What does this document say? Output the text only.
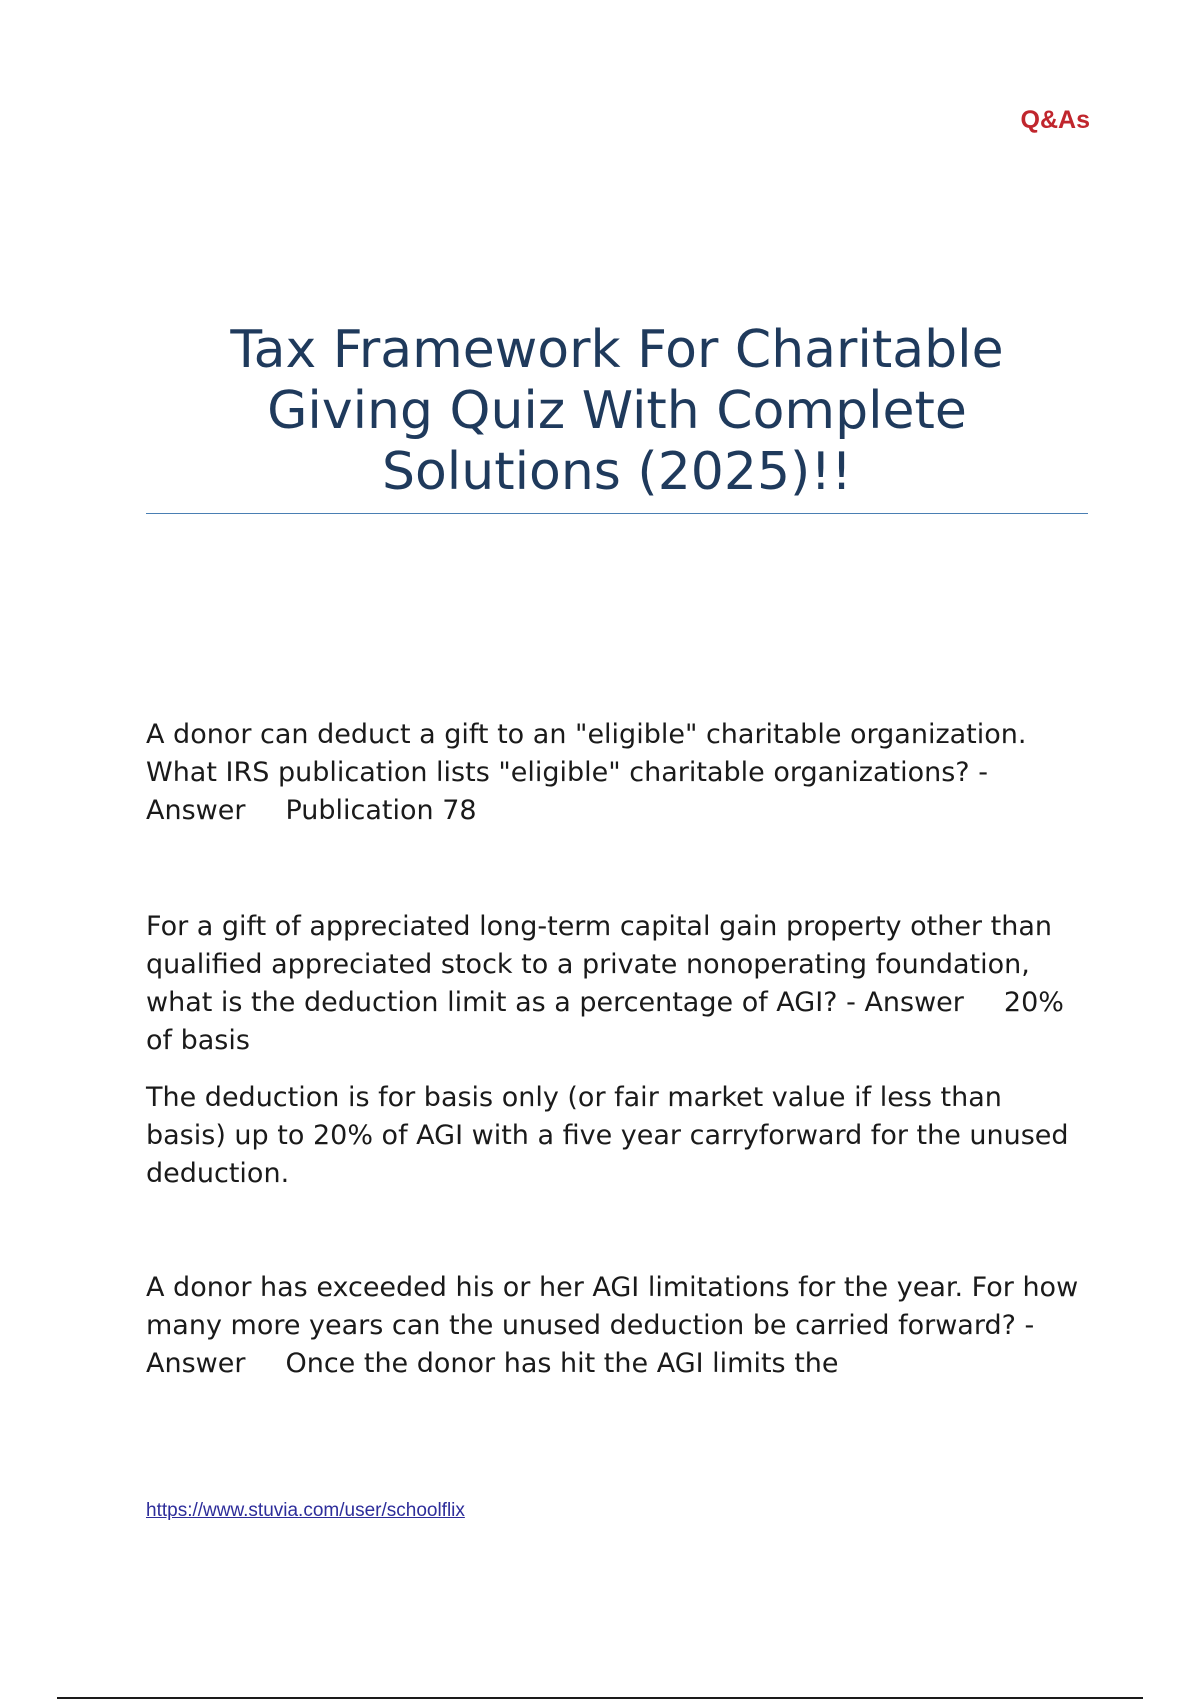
Q&As
Tax Framework For Charitable Giving Quiz With Complete Solutions (2025)!!

A donor can deduct a gift to an "eligible" charitable organization. What IRS publication lists "eligible" charitable organizations? - Answer Publication 78

For a gift of appreciated long-term capital gain property other than qualified appreciated stock to a private nonoperating foundation, what is the deduction limit as a percentage of AGI? - Answer 20% of basis

The deduction is for basis only (or fair market value if less than basis) up to 20% of AGI with a five year carryforward for the unused deduction.

A donor has exceeded his or her AGI limitations for the year. For how many more years can the unused deduction be carried forward? -Answer Once the donor has hit the AGI limits the

https://www.stuvia.com/user/schoolflix
